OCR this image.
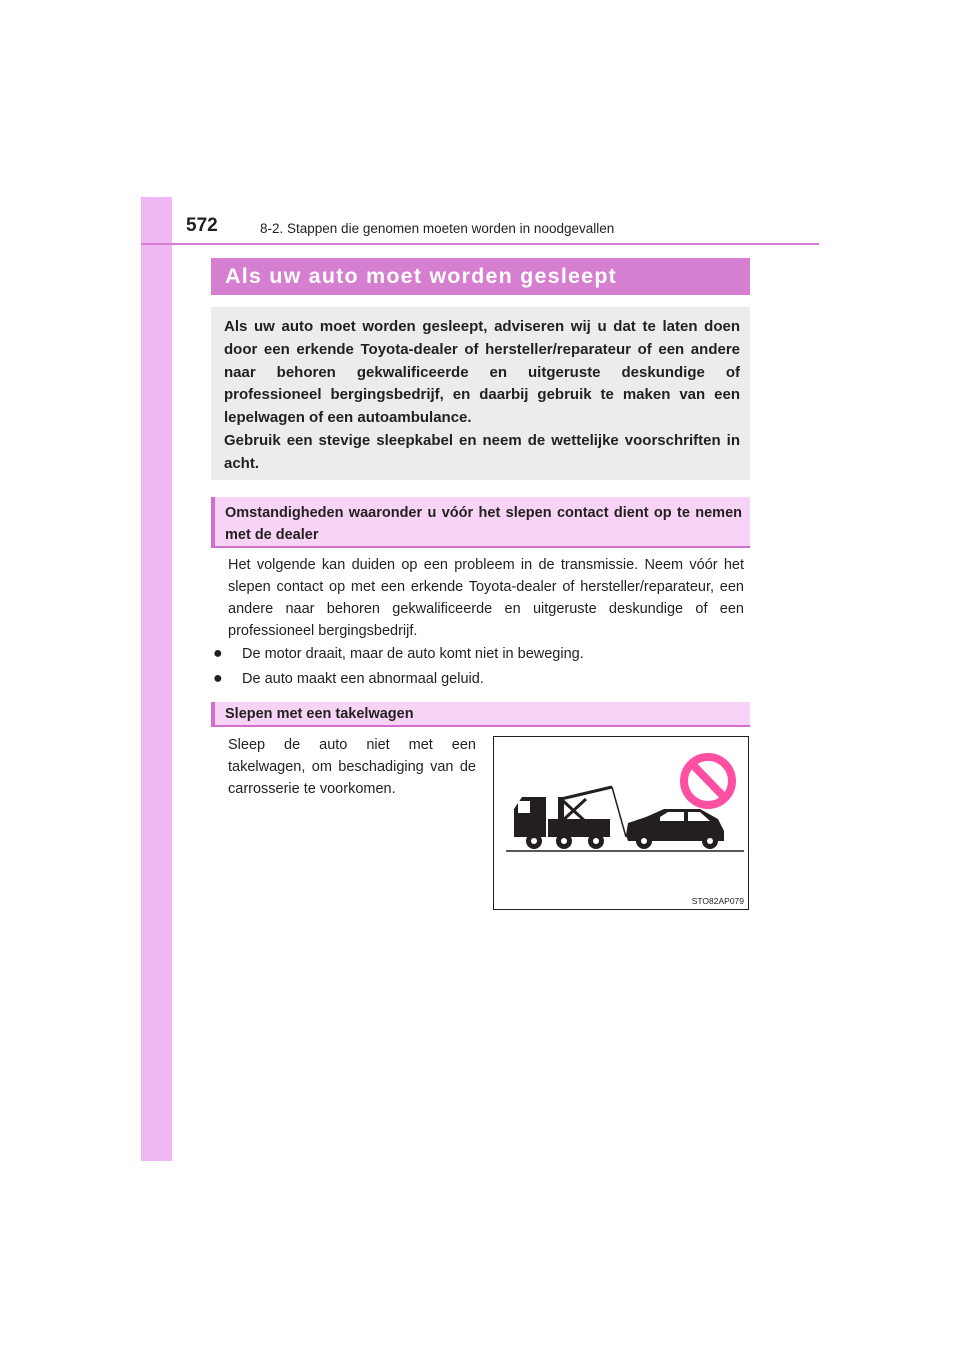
572	8-2. Stappen die genomen moeten worden in noodgevallen
Als uw auto moet worden gesleept

Als uw auto moet worden gesleept, adviseren wij u dat te laten doen door een erkende Toyota-dealer of hersteller/reparateur of een andere naar behoren gekwalificeerde en uitgeruste deskundige of professioneel bergingsbedrijf, en daarbij gebruik te maken van een lepelwagen of een autoambulance.

Gebruik een stevige sleepkabel en neem de wettelijke voorschriften in acht.

Omstandigheden waaronder u vóór het slepen contact dient op te nemen met de dealer

Het volgende kan duiden op een probleem in de transmissie. Neem vóór het slepen contact op met een erkende Toyota-dealer of hersteller/reparateur, een andere naar behoren gekwalificeerde en uitgeruste deskundige of een professioneel bergingsbedrijf.

● De motor draait, maar de auto komt niet in beweging.
● De auto maakt een abnormaal geluid.
Slepen met een takelwagen

Sleep de auto niet met een takelwagen, om beschadiging van de carrosserie te voorkomen.

STO82AP079
